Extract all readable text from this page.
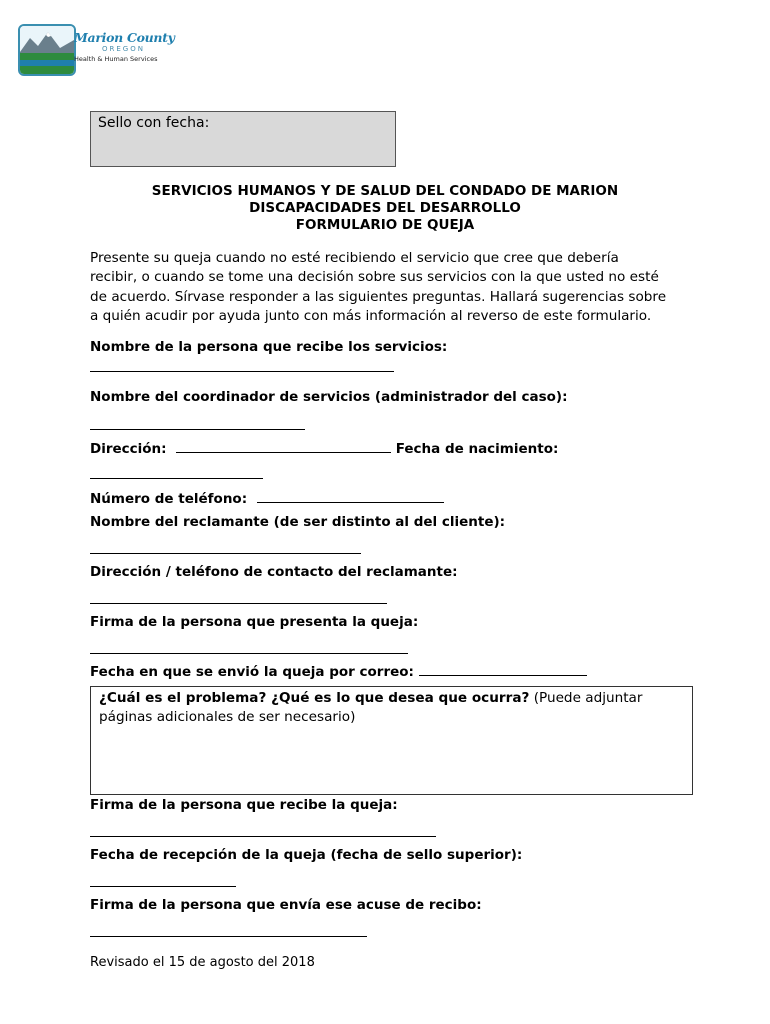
Marion County
OREGON
Health & Human Services
Sello con fecha:
SERVICIOS HUMANOS Y DE SALUD DEL CONDADO DE MARION
DISCAPACIDADES DEL DESARROLLO
FORMULARIO DE QUEJA
Presente su queja cuando no esté recibiendo el servicio que cree que debería
recibir, o cuando se tome una decisión sobre sus servicios con la que usted no esté
de acuerdo. Sírvase responder a las siguientes preguntas. Hallará sugerencias sobre
a quién acudir por ayuda junto con más información al reverso de este formulario.
Nombre de la persona que recibe los servicios:
Nombre del coordinador de servicios (administrador del caso):
Dirección:	Fecha de nacimiento:
Número de teléfono:
Nombre del reclamante (de ser distinto al del cliente):
Dirección / teléfono de contacto del reclamante:
Firma de la persona que presenta la queja:
Fecha en que se envió la queja por correo:
¿Cuál es el problema? ¿Qué es lo que desea que ocurra? (Puede adjuntar páginas adicionales de ser necesario)
Firma de la persona que recibe la queja:
Fecha de recepción de la queja (fecha de sello superior):
Firma de la persona que envía ese acuse de recibo:
Revisado el 15 de agosto del 2018
